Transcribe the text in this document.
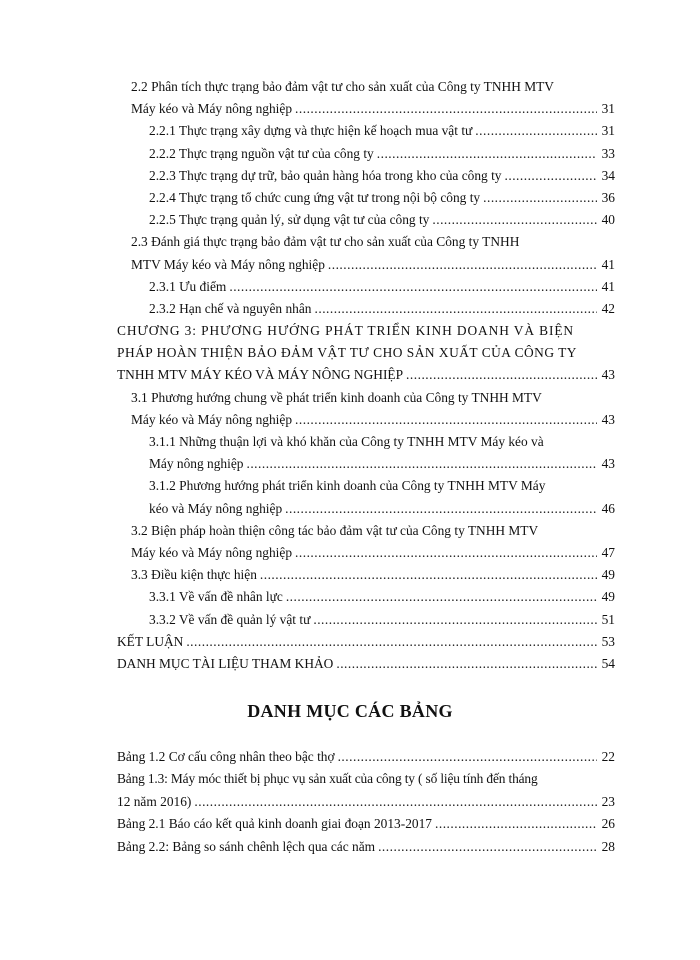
2.2 Phân tích thực trạng bảo đảm vật tư cho sản xuất của Công ty TNHH MTV
Máy kéo và Máy nông nghiệp .....	31
2.2.1 Thực trạng xây dựng và thực hiện kế hoạch mua vật tư .....	31
2.2.2 Thực trạng nguồn vật tư của công ty .....	33
2.2.3 Thực trạng dự trữ, bảo quản hàng hóa trong kho của công ty .....	34
2.2.4 Thực trạng tổ chức cung ứng vật tư trong nội bộ công ty .....	36
2.2.5 Thực trạng quản lý, sử dụng vật tư của công ty .....	40
2.3 Đánh giá thực trạng bảo đảm vật tư cho sản xuất của Công ty TNHH
MTV Máy kéo và Máy nông nghiệp .....	41
2.3.1 Ưu điểm .....	41
2.3.2 Hạn chế và nguyên nhân .....	42
CHƯƠNG 3: PHƯƠNG HƯỚNG PHÁT TRIỂN KINH DOANH VÀ BIỆN
PHÁP HOÀN THIỆN BẢO ĐẢM VẬT TƯ CHO SẢN XUẤT CỦA CÔNG TY
TNHH MTV MÁY KÉO VÀ MÁY NÔNG NGHIỆP .....	43
3.1 Phương hướng chung về phát triển kinh doanh của Công ty TNHH MTV
Máy kéo và Máy nông nghiệp .....	43
3.1.1 Những thuận lợi và khó khăn của Công ty TNHH MTV Máy kéo và
Máy nông nghiệp .....	43
3.1.2 Phương hướng phát triển kinh doanh của Công ty TNHH MTV Máy
kéo và Máy nông nghiệp .....	46
3.2 Biện pháp hoàn thiện công tác bảo đảm vật tư của Công ty TNHH MTV
Máy kéo và Máy nông nghiệp .....	47
3.3 Điều kiện thực hiện .....	49
3.3.1 Về vấn đề nhân lực .....	49
3.3.2 Về vấn đề quản lý vật tư .....	51
KẾT LUẬN .....	53
DANH MỤC TÀI LIỆU THAM KHẢO .....	54
DANH MỤC CÁC BẢNG
Bảng 1.2 Cơ cấu công nhân theo bậc thợ .....	22
Bảng 1.3: Máy móc thiết bị phục vụ sản xuất của công ty ( số liệu tính đến tháng
12 năm 2016) .....	23
Bảng 2.1 Báo cáo kết quả kinh doanh giai đoạn 2013-2017 .....	26
Bảng 2.2: Bảng so sánh chênh lệch qua các năm .....	28
